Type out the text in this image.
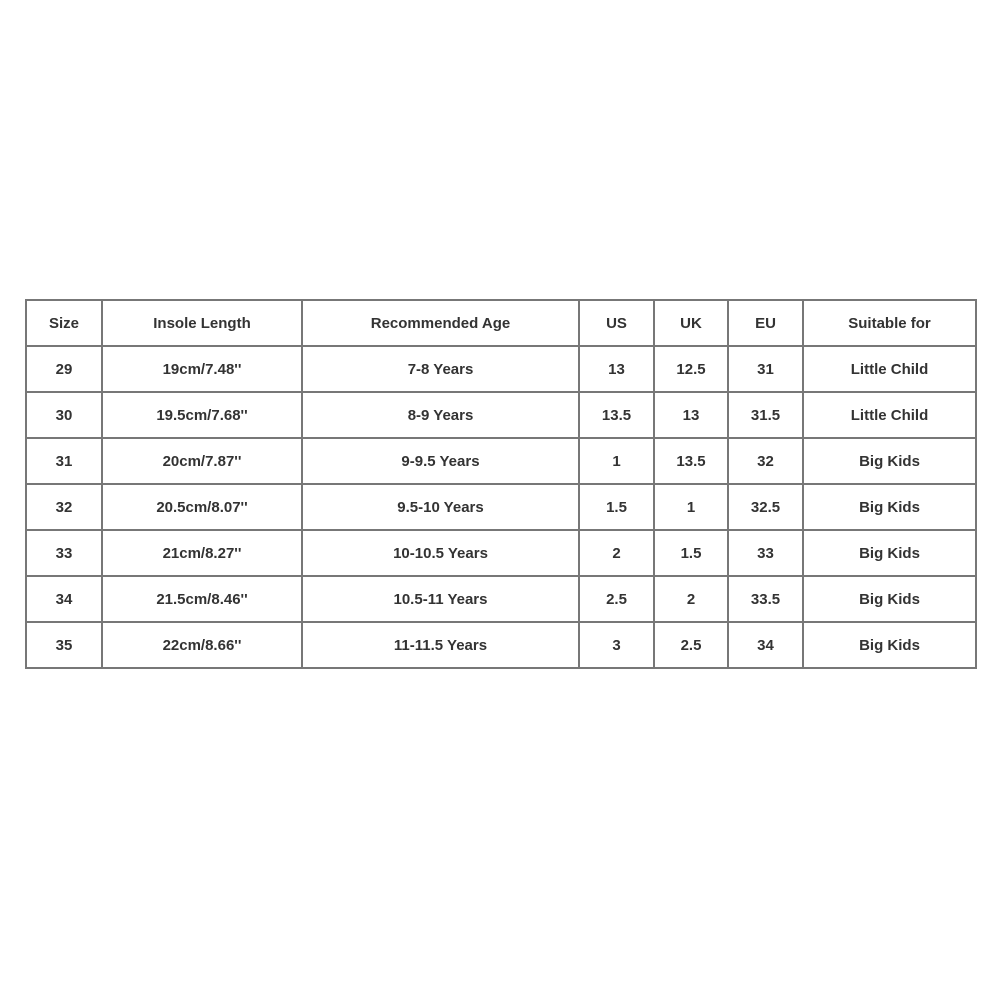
Size	Insole Length	Recommended Age	US	UK	EU	Suitable for
29	19cm/7.48''	7-8 Years	13	12.5	31	Little Child
30	19.5cm/7.68''	8-9 Years	13.5	13	31.5	Little Child
31	20cm/7.87''	9-9.5 Years	1	13.5	32	Big Kids
32	20.5cm/8.07''	9.5-10 Years	1.5	1	32.5	Big Kids
33	21cm/8.27''	10-10.5 Years	2	1.5	33	Big Kids
34	21.5cm/8.46''	10.5-11 Years	2.5	2	33.5	Big Kids
35	22cm/8.66''	11-11.5 Years	3	2.5	34	Big Kids
